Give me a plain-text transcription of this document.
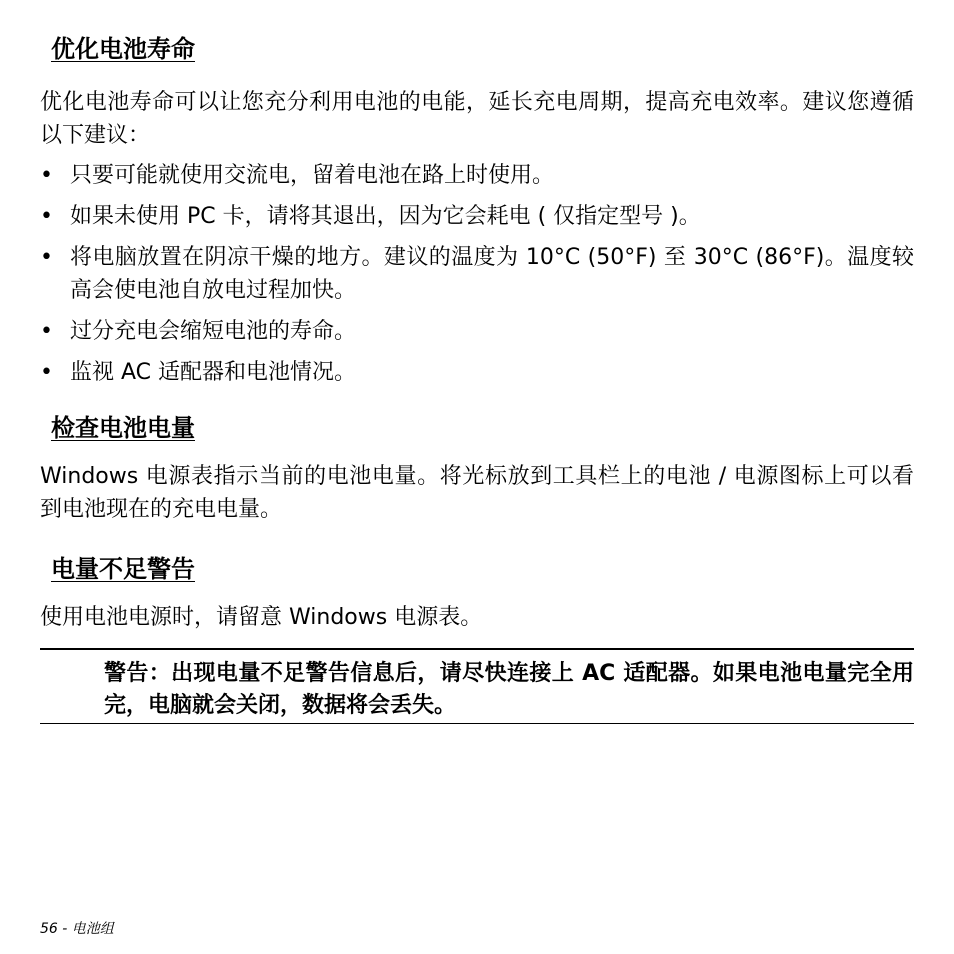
优化电池寿命

优化电池寿命可以让您充分利用电池的电能，延长充电周期，提高充电效率。建议您遵循以下建议：

• 只要可能就使用交流电，留着电池在路上时使用。
• 如果未使用 PC 卡，请将其退出，因为它会耗电 ( 仅指定型号 )。
• 将电脑放置在阴凉干燥的地方。建议的温度为 10°C (50°F) 至 30°C (86°F)。温度较高会使电池自放电过程加快。
• 过分充电会缩短电池的寿命。
• 监视 AC 适配器和电池情况。
检查电池电量

Windows 电源表指示当前的电池电量。将光标放到工具栏上的电池 / 电源图标上可以看到电池现在的充电电量。

电量不足警告

使用电池电源时，请留意 Windows 电源表。

警告：出现电量不足警告信息后，请尽快连接上 AC 适配器。如果电池电量完全用完，电脑就会关闭，数据将会丢失。

56 - 电池组
